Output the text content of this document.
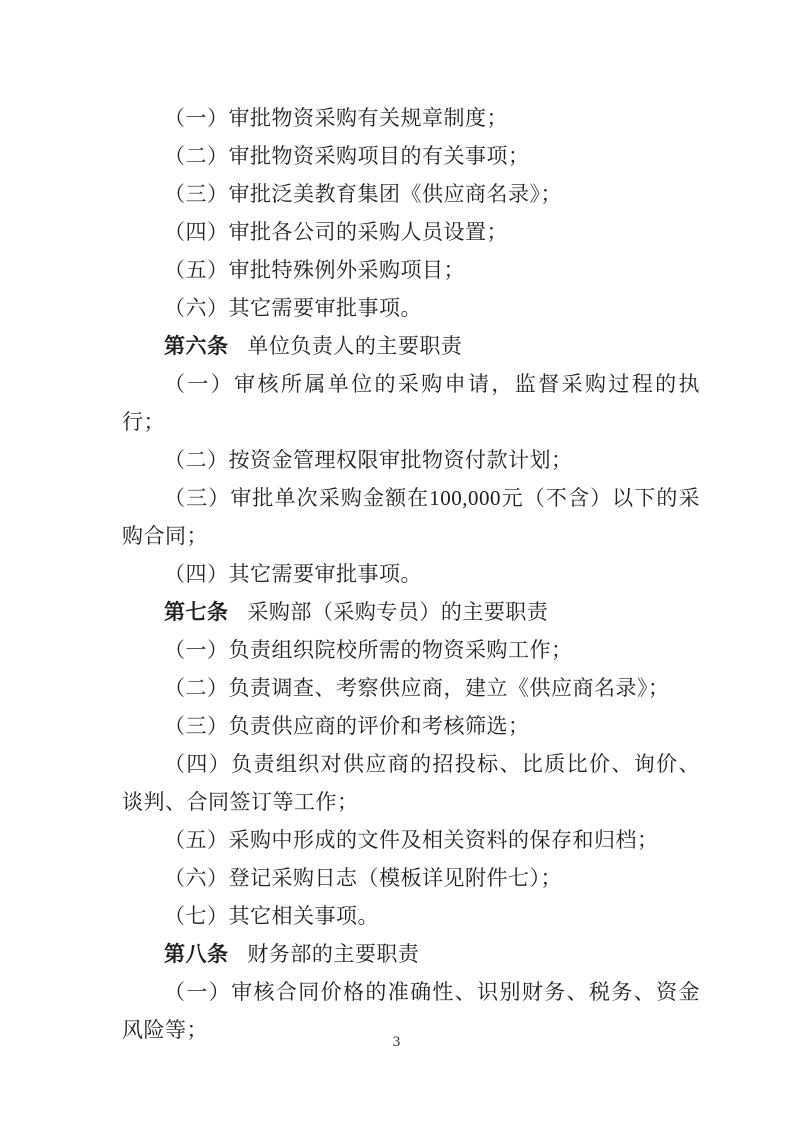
（一）审批物资采购有关规章制度；

（二）审批物资采购项目的有关事项；

（三）审批泛美教育集团《供应商名录》；

（四）审批各公司的采购人员设置；

（五）审批特殊例外采购项目；

（六）其它需要审批事项。

第六条 单位负责人的主要职责

（一）审核所属单位的采购申请，监督采购过程的执行；

（二）按资金管理权限审批物资付款计划；

（三）审批单次采购金额在100,000元（不含）以下的采购合同；

（四）其它需要审批事项。

第七条 采购部（采购专员）的主要职责

（一）负责组织院校所需的物资采购工作；

（二）负责调查、考察供应商，建立《供应商名录》；

（三）负责供应商的评价和考核筛选；

（四）负责组织对供应商的招投标、比质比价、询价、谈判、合同签订等工作；

（五）采购中形成的文件及相关资料的保存和归档；

（六）登记采购日志（模板详见附件七）；

（七）其它相关事项。

第八条 财务部的主要职责

（一）审核合同价格的准确性、识别财务、税务、资金风险等；	3
